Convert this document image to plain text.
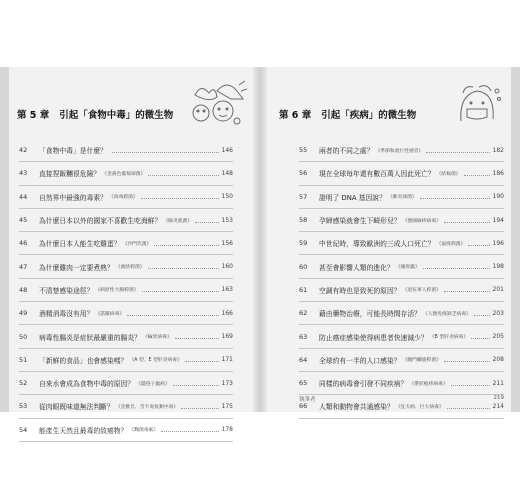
第 5 章 引起「食物中毒」的微生物
42	「食物中毒」是什麼？	146
43	直接捏飯糰很危險？ 《金黃色葡萄球菌》	148
44	自然界中最強的毒素？ 《肉毒桿菌》	150
45	為什麼日本以外的國家不喜歡生吃海鮮？ 《腸炎弧菌》	153
46	為什麼日本人能生吃雞蛋？ 《沙門氏菌》	156
47	為什麼雞肉一定要煮熟？ 《曲狀桿菌》	160
48	不清楚感染途徑？ 《病原性大腸桿菌》	163
49	酒精消毒沒有用？ 《諾羅病毒》	166
50	病毒性腸炎是症狀最嚴重的腸炎？ 《輪狀病毒》	169
51	「新鮮的食品」也會感染嗎？ 《A 型、E 型肝炎病毒》	171
52	自來水會成為食物中毒的原因？ 《隱孢子蟲病》	173
53	從肉眼既味道無法判斷？ 《克雅氏．雪卡毒魚類中毒》	175
54	能產生天然且最毒的致癌物？ 《麴菌毒素》	178
第 6 章 引起「疾病」的微生物
55	兩者的不同之處？ 《季節和流行性感冒》	182
56	現在全球每年還有數百萬人因此死亡？ 《結核菌》	186
57	證明了 DNA 基因說？ 《肺炎球菌》	190
58	孕婦感染就會生下畸形兒？ 《德國麻疹病毒》	194
59	中世紀時，導致歐洲約三成人口死亡？ 《鼠疫桿菌》	196
60	甚至會影響人類的進化？ 《瘧原蟲》	198
61	空調有時也是致死的原因？ 《退伍軍人桿菌》	201
62	藉由藥物治療，可能長時間存活？ 《人類免疫缺乏病毒》	203
63	防止癌症感染使得病患者快速減少？ 《B 型肝炎病毒》	205
64	全球約有一半的人口感染？ 《幽門螺旋桿菌》	208
65	同樣的病毒會引發不同疾病？ 《帶狀疱疹病毒》	211
66	人類和動物會共通感染？ 《狂犬病．巨大病毒》	214
執筆者	219
